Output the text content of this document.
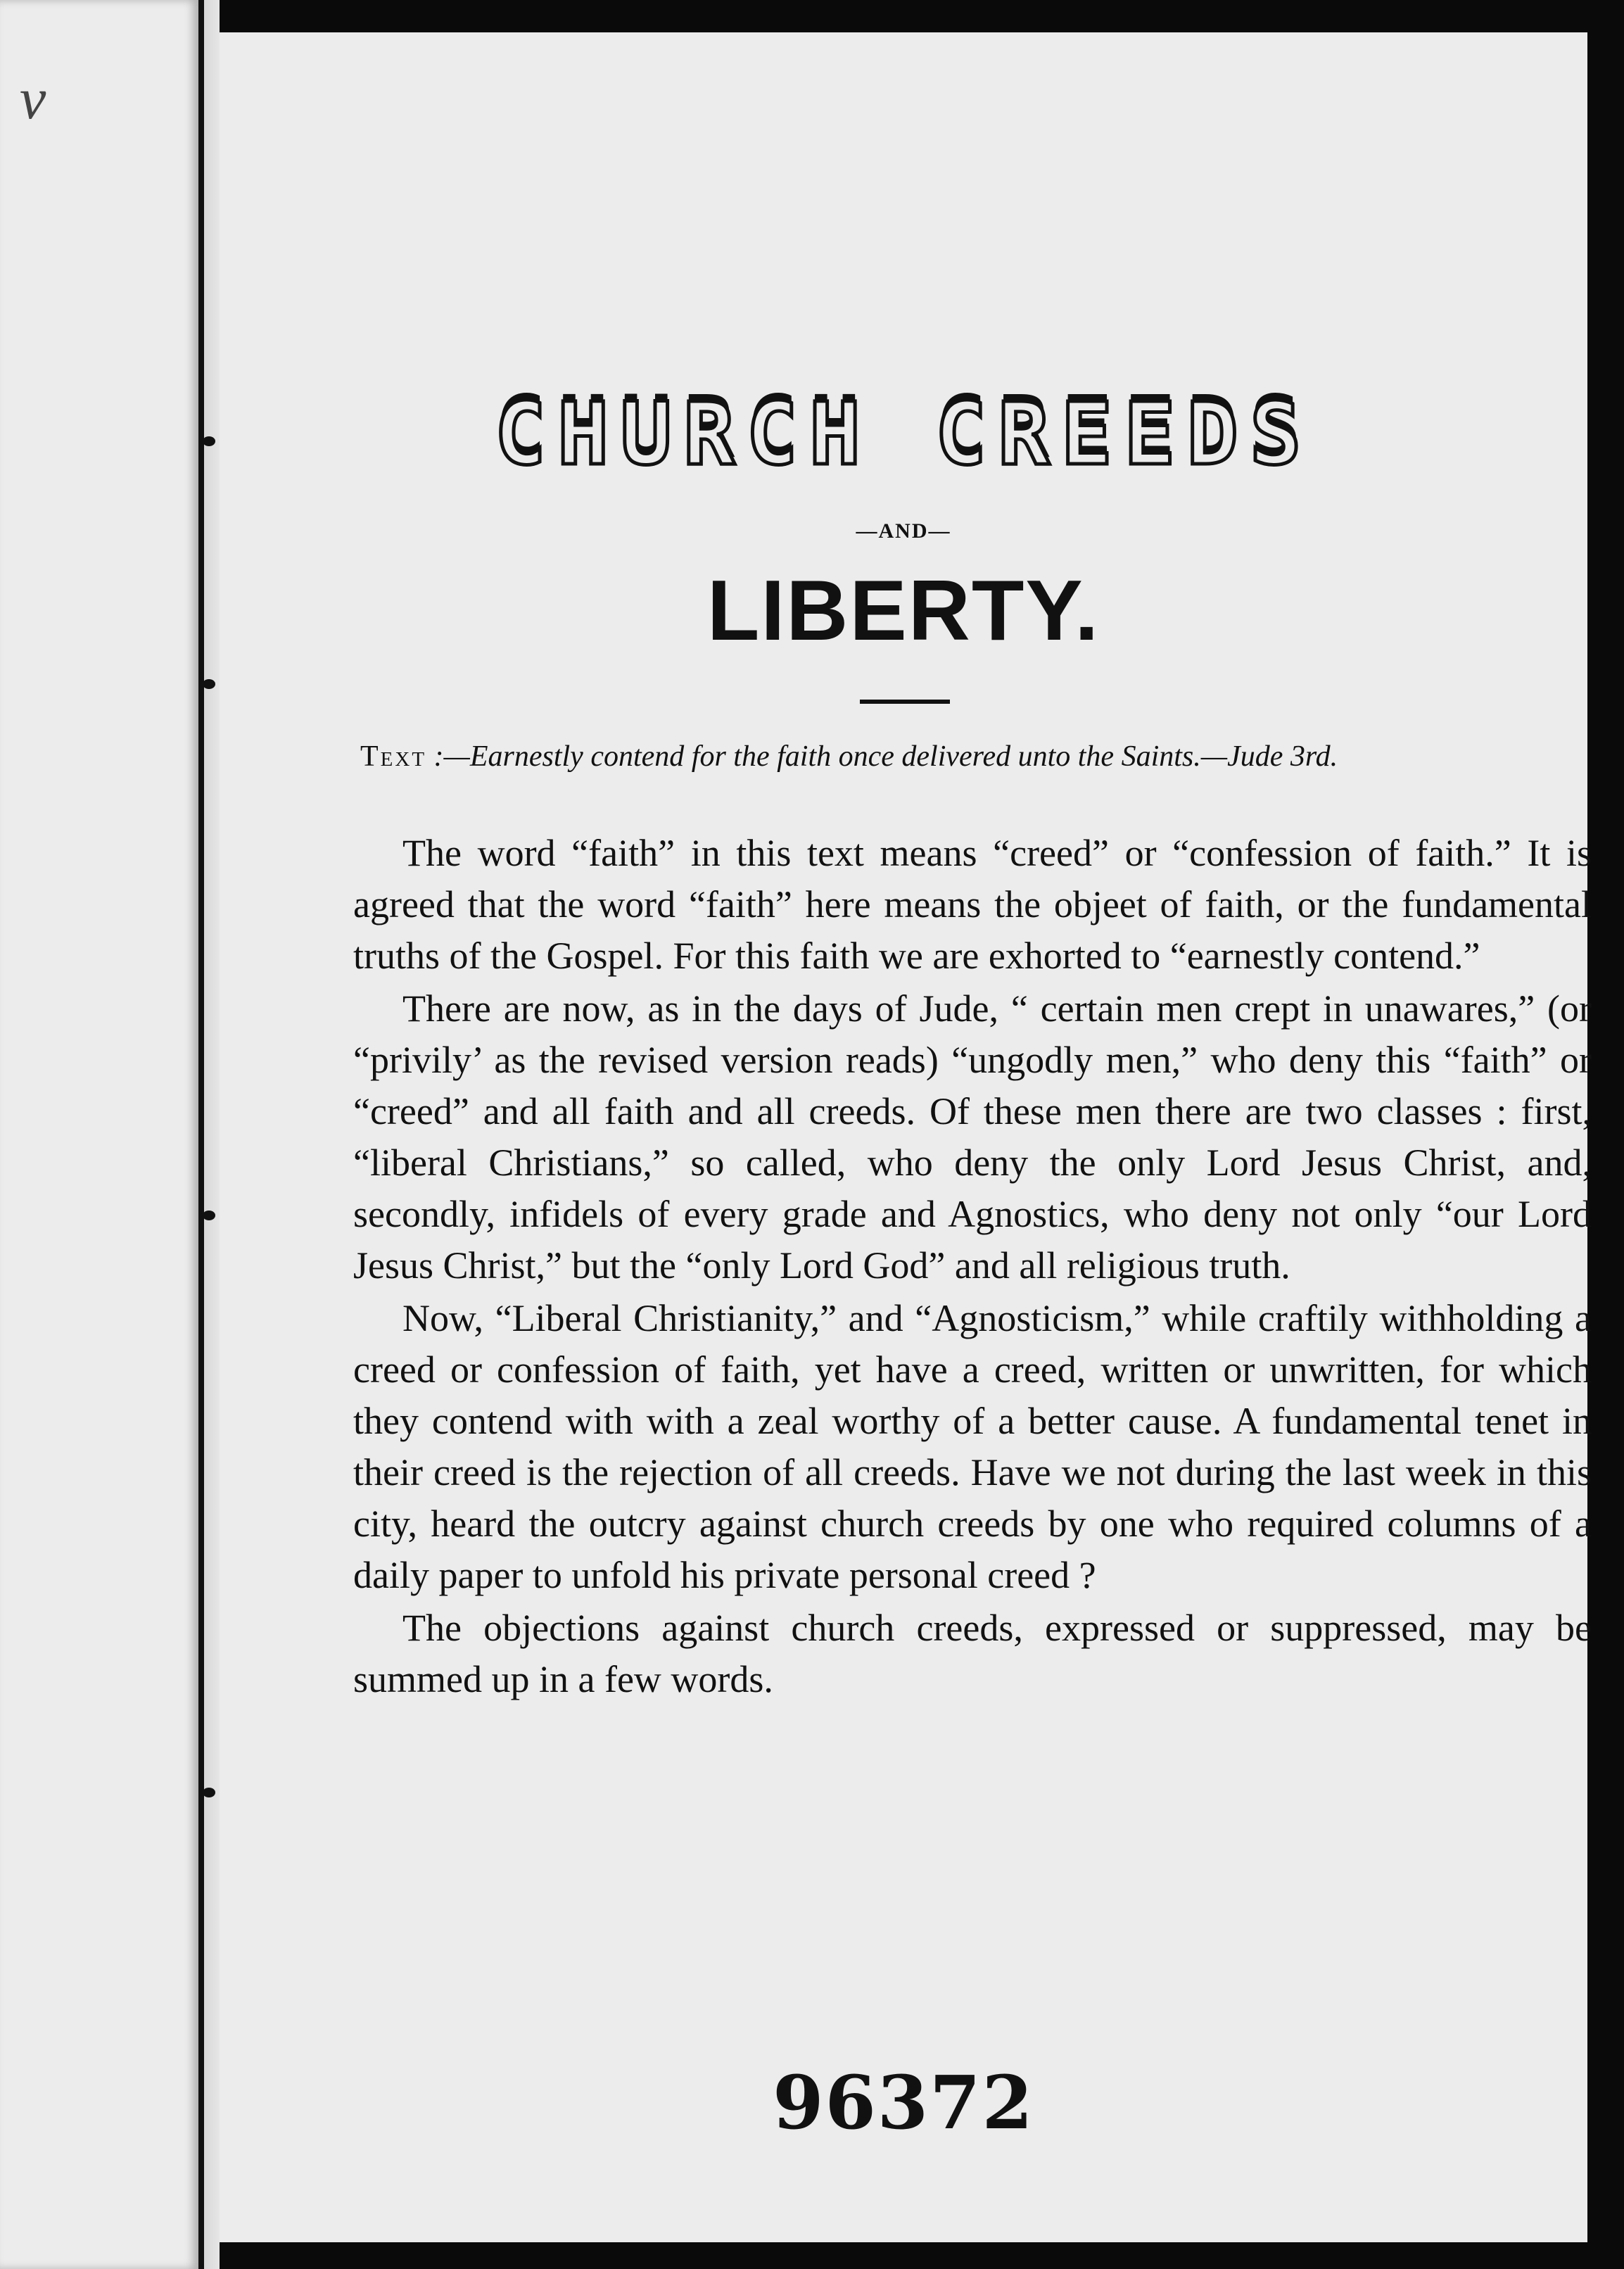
v
CHURCH CREEDS
—AND—
LIBERTY.
Text :—Earnestly contend for the faith once delivered unto the Saints.—Jude 3rd.

The word “faith” in this text means “creed” or “confession of faith.” It is agreed that the word “faith” here means the objeet of faith, or the fundamental truths of the Gospel. For this faith we are exhorted to “earnestly contend.”

There are now, as in the days of Jude, “ certain men crept in unawares,” (or “privily’ as the revised version reads) “ungodly men,” who deny this “faith” or “creed” and all faith and all creeds. Of these men there are two classes : first, “liberal Christians,” so called, who deny the only Lord Jesus Christ, and, secondly, infidels of every grade and Agnostics, who deny not only “our Lord Jesus Christ,” but the “only Lord God” and all religious truth.

Now, “Liberal Christianity,” and “Agnosticism,” while craftily withholding a creed or confession of faith, yet have a creed, written or unwritten, for which they contend with with a zeal worthy of a better cause. A fundamental tenet in their creed is the rejection of all creeds. Have we not during the last week in this city, heard the outcry against church creeds by one who required columns of a daily paper to unfold his private personal creed ?

The objections against church creeds, expressed or suppressed, may be summed up in a few words.

96372
